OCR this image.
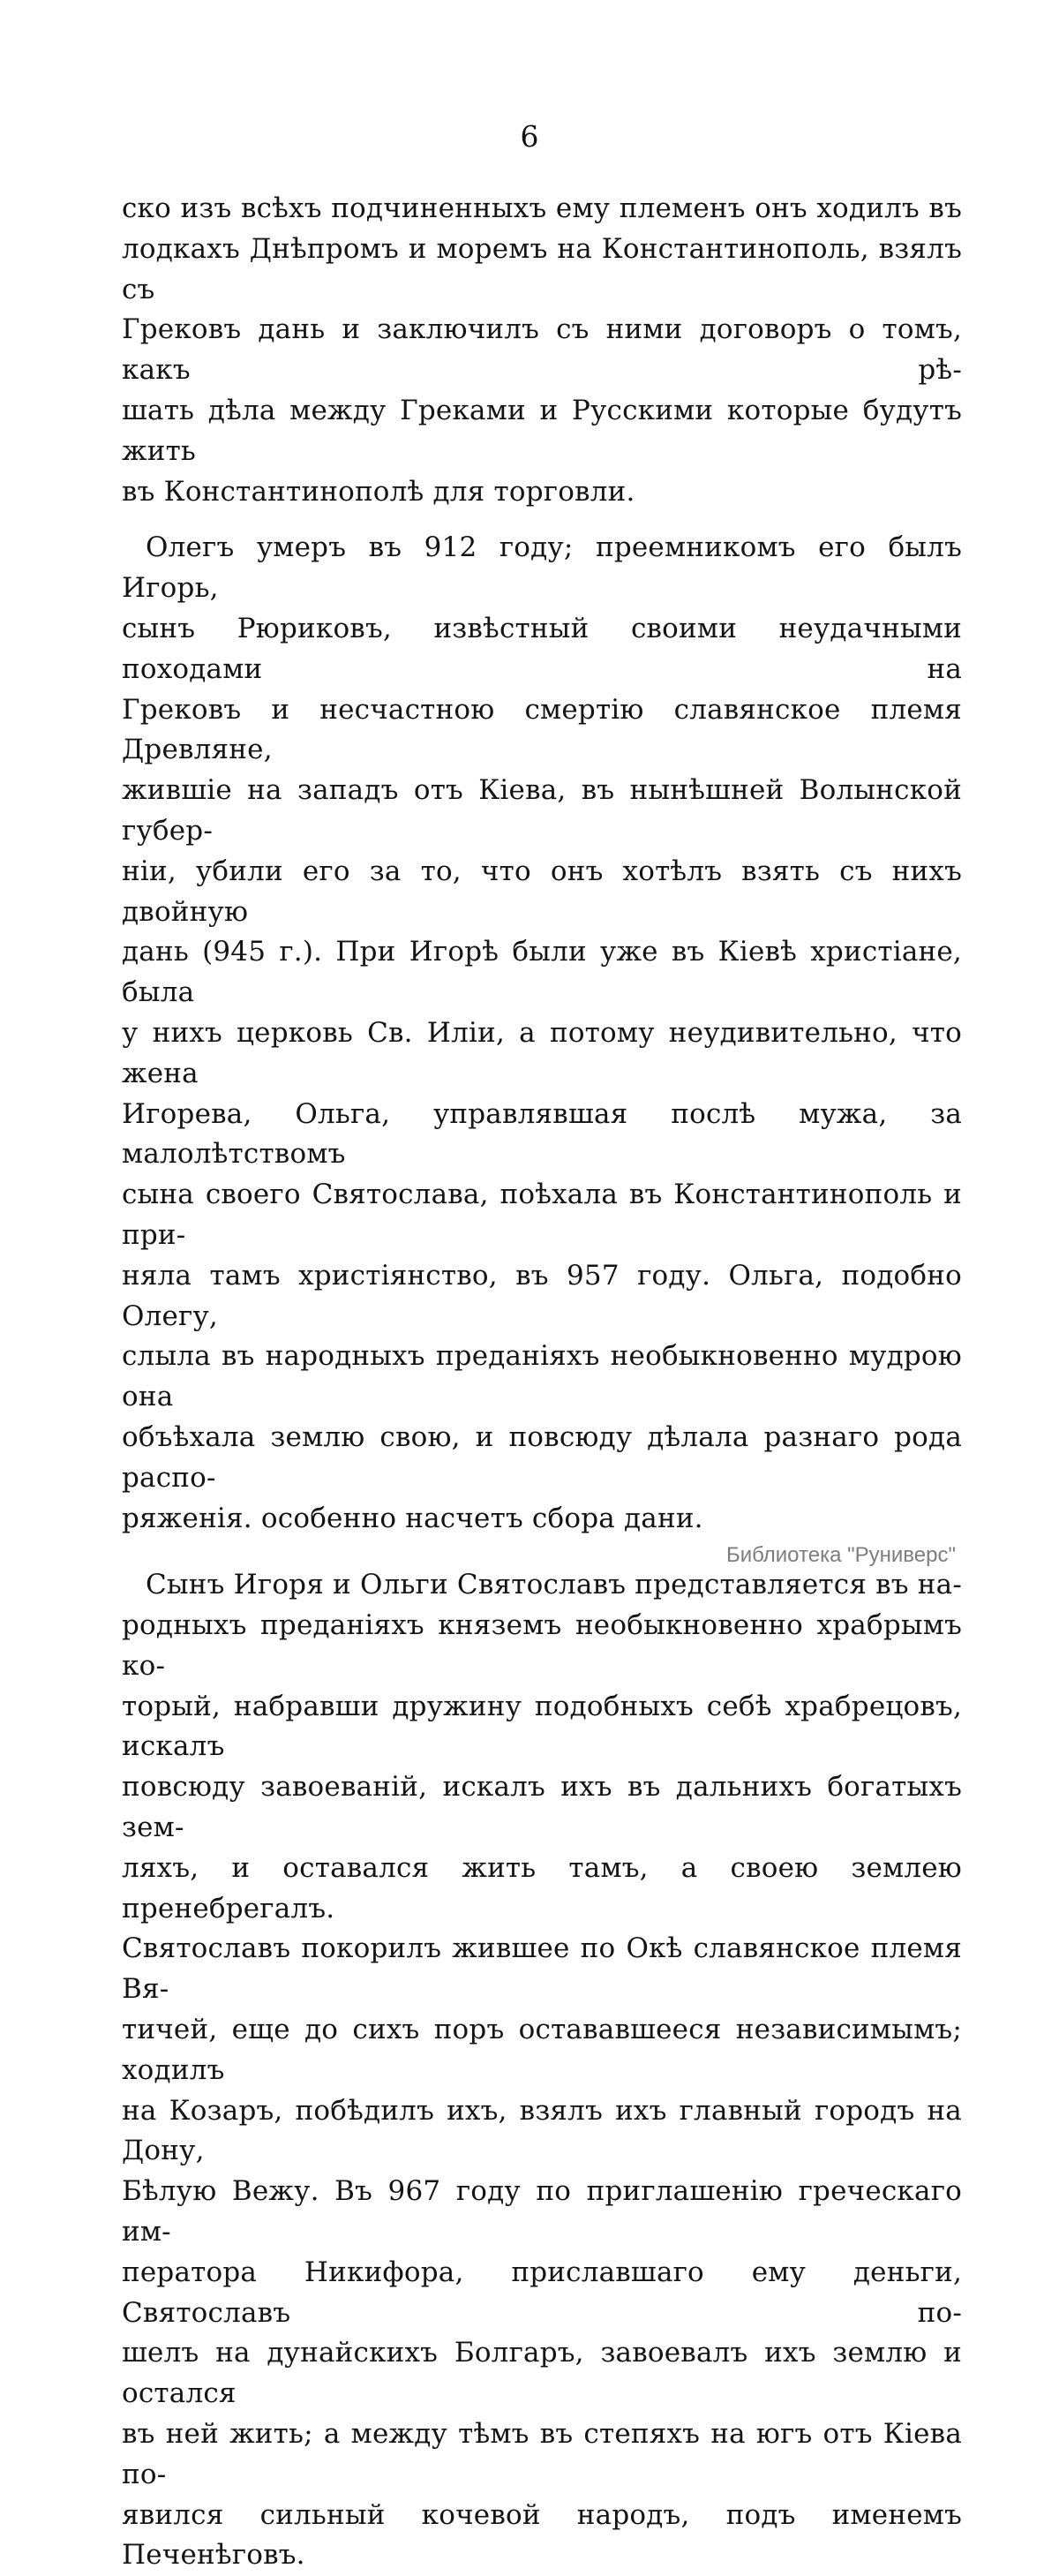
6
ско изъ всѣхъ подчиненныхъ ему племенъ онъ ходилъ въ
лодкахъ Днѣпромъ и моремъ на Константинополь, взялъ съ
Грековъ дань и заключилъ съ ними договоръ о томъ, какъ рѣ-
шать дѣла между Греками и Русскими которые будутъ жить
въ Константинополѣ для торговли.
Олегъ умеръ въ 912 году; преемникомъ его былъ Игорь,
сынъ Рюриковъ, извѣстный своими неудачными походами на
Грековъ и несчастною смертію славянское племя Древляне,
жившіе на западъ отъ Кіева, въ нынѣшней Волынской губер-
ніи, убили его за то, что онъ хотѣлъ взять съ нихъ двойную
дань (945 г.). При Игорѣ были уже въ Кіевѣ христіане, была
у нихъ церковь Св. Иліи, а потому неудивительно, что жена
Игорева, Ольга, управлявшая послѣ мужа, за малолѣтствомъ
сына своего Святослава, поѣхала въ Константинополь и при-
няла тамъ христіянство, въ 957 году. Ольга, подобно Олегу,
слыла въ народныхъ преданіяхъ необыкновенно мудрою она
объѣхала землю свою, и повсюду дѣлала разнаго рода распо-
ряженія. особенно насчетъ сбора дани.
Сынъ Игоря и Ольги Святославъ представляется въ на-
родныхъ преданіяхъ княземъ необыкновенно храбрымъ ко-
торый, набравши дружину подобныхъ себѣ храбрецовъ, искалъ
повсюду завоеваній, искалъ ихъ въ дальнихъ богатыхъ зем-
ляхъ, и оставался жить тамъ, а своею землею пренебрегалъ.
Святославъ покорилъ жившее по Окѣ славянское племя Вя-
тичей, еще до сихъ поръ остававшееся независимымъ; ходилъ
на Козаръ, побѣдилъ ихъ, взялъ ихъ главный городъ на Дону,
Бѣлую Вежу. Въ 967 году по приглашенію греческаго им-
ператора Никифора, приславшаго ему деньги, Святославъ по-
шелъ на дунайскихъ Болгаръ, завоевалъ ихъ землю и остался
въ ней жить; а между тѣмъ въ степяхъ на югъ отъ Кіева по-
явился сильный кочевой народъ, подъ именемъ Печенѣговъ.
Библиотека "Руниверс"
